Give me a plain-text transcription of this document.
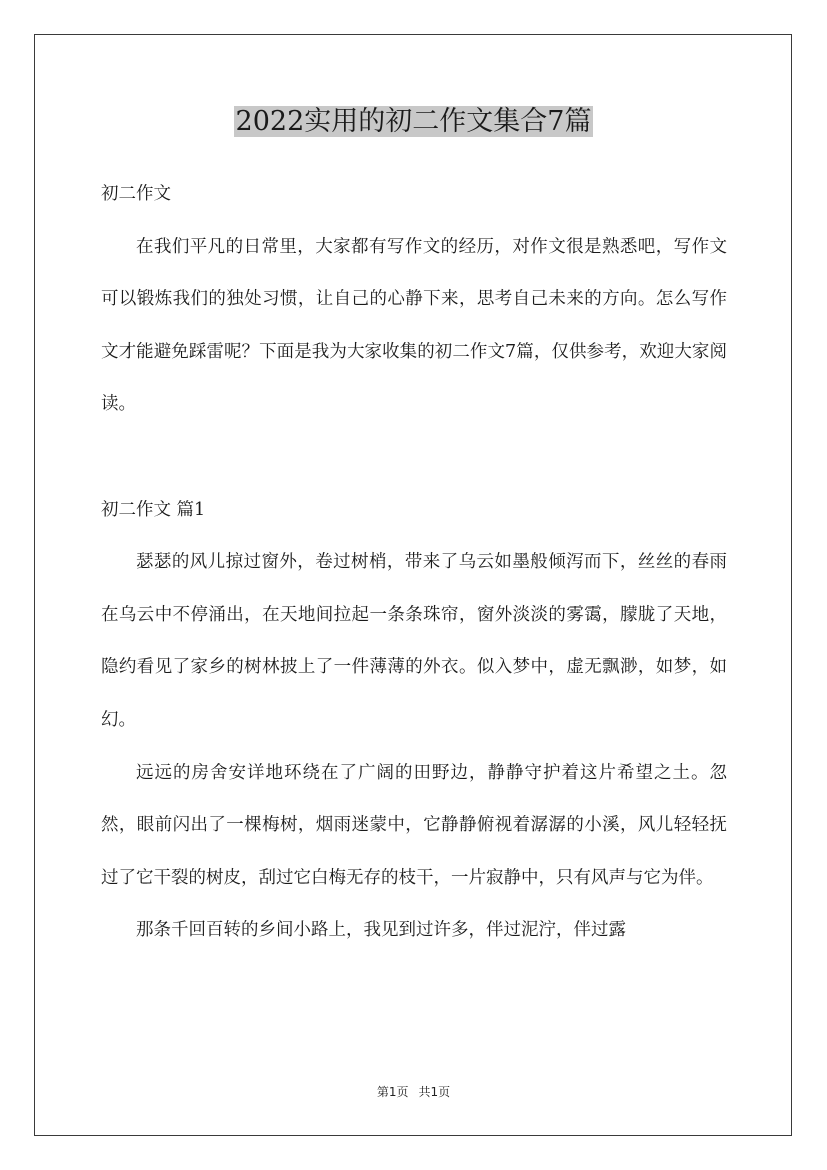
2022实用的初二作文集合7篇

初二作文

在我们平凡的日常里，大家都有写作文的经历，对作文很是熟悉吧，写作文可以锻炼我们的独处习惯，让自己的心静下来，思考自己未来的方向。怎么写作文才能避免踩雷呢？下面是我为大家收集的初二作文7篇，仅供参考，欢迎大家阅读。

初二作文 篇1

瑟瑟的风儿掠过窗外，卷过树梢，带来了乌云如墨般倾泻而下，丝丝的春雨在乌云中不停涌出，在天地间拉起一条条珠帘，窗外淡淡的雾霭，朦胧了天地，隐约看见了家乡的树林披上了一件薄薄的外衣。似入梦中，虚无飘渺，如梦，如幻。

远远的房舍安详地环绕在了广阔的田野边，静静守护着这片希望之土。忽然，眼前闪出了一棵梅树，烟雨迷蒙中，它静静俯视着潺潺的小溪，风儿轻轻抚过了它干裂的树皮，刮过它白梅无存的枝干，一片寂静中，只有风声与它为伴。

那条千回百转的乡间小路上，我见到过许多，伴过泥泞，伴过露

第1页 共1页
